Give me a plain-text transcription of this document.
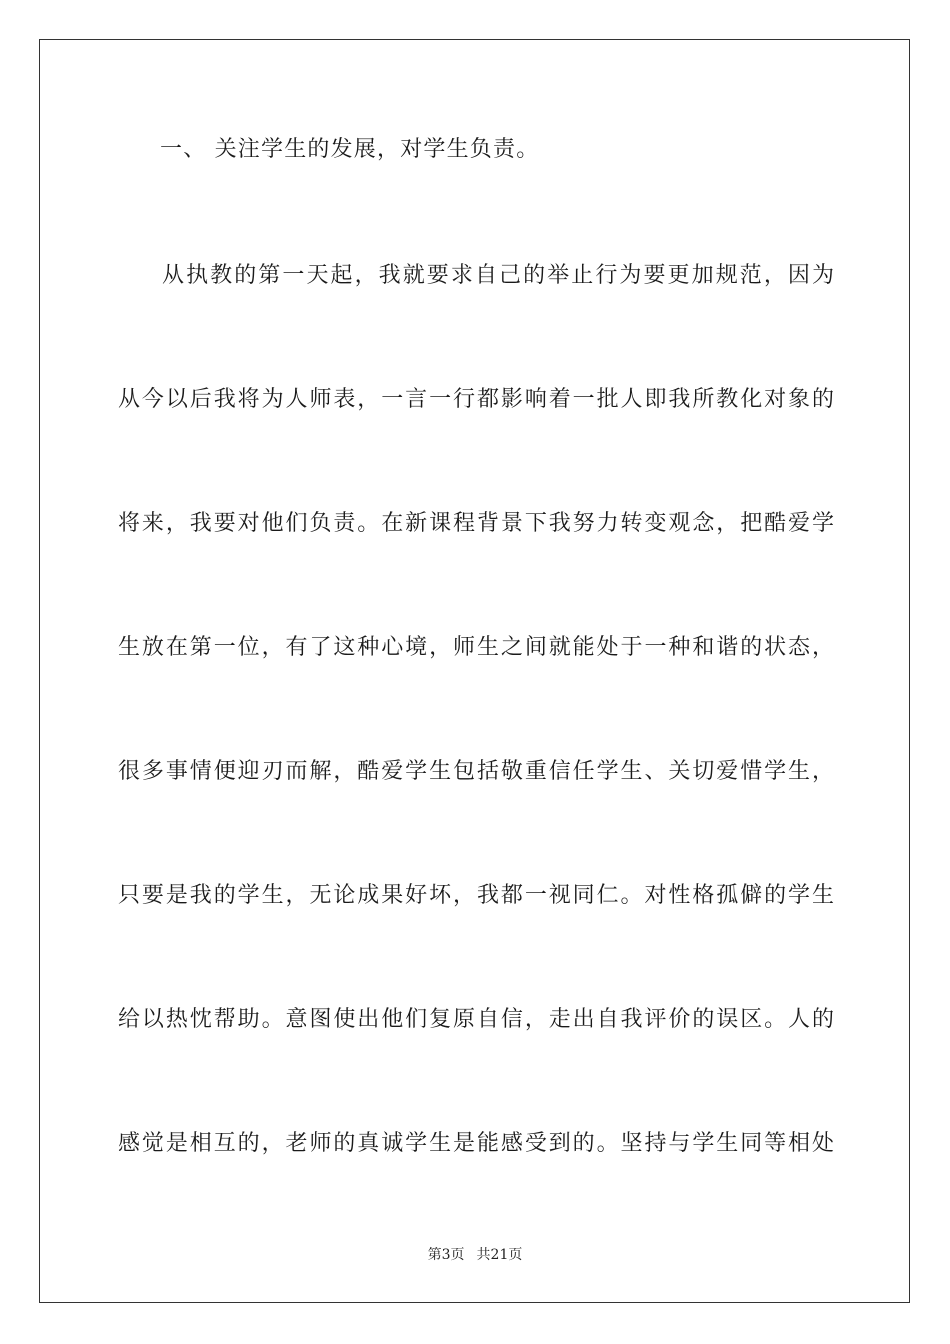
一、 关注学生的发展，对学生负责。
从执教的第一天起，我就要求自己的举止行为要更加规范，因为
从今以后我将为人师表，一言一行都影响着一批人即我所教化对象的
将来，我要对他们负责。在新课程背景下我努力转变观念，把酷爱学
生放在第一位，有了这种心境，师生之间就能处于一种和谐的状态，
很多事情便迎刃而解，酷爱学生包括敬重信任学生、关切爱惜学生，
只要是我的学生，无论成果好坏，我都一视同仁。对性格孤僻的学生
给以热忱帮助。意图使出他们复原自信，走出自我评价的误区。人的
感觉是相互的，老师的真诚学生是能感受到的。坚持与学生同等相处
第3页 共21页
